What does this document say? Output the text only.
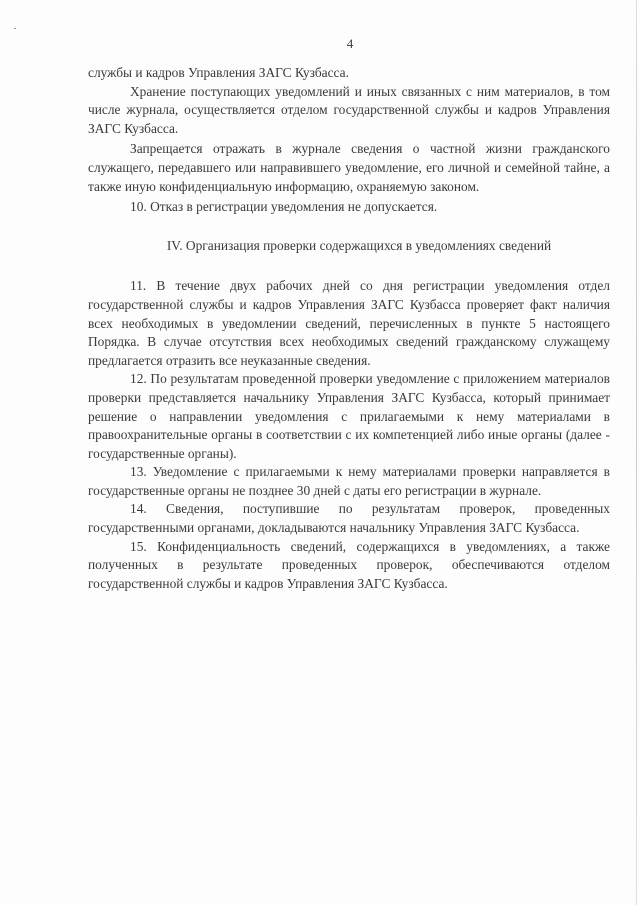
4

службы и кадров Управления ЗАГС Кузбасса.

Хранение поступающих уведомлений и иных связанных с ним материалов, в том числе журнала, осуществляется отделом государственной службы и кадров Управления ЗАГС Кузбасса.

Запрещается отражать в журнале сведения о частной жизни гражданского служащего, передавшего или направившего уведомление, его личной и семейной тайне, а также иную конфиденциальную информацию, охраняемую законом.

10. Отказ в регистрации уведомления не допускается.

IV. Организация проверки содержащихся в уведомлениях сведений

11. В течение двух рабочих дней со дня регистрации уведомления отдел государственной службы и кадров Управления ЗАГС Кузбасса проверяет факт наличия всех необходимых в уведомлении сведений, перечисленных в пункте 5 настоящего Порядка. В случае отсутствия всех необходимых сведений гражданскому служащему предлагается отразить все неуказанные сведения.

12. По результатам проведенной проверки уведомление с приложением материалов проверки представляется начальнику Управления ЗАГС Кузбасса, который принимает решение о направлении уведомления с прилагаемыми к нему материалами в правоохранительные органы в соответствии с их компетенцией либо иные органы (далее - государственные органы).

13. Уведомление с прилагаемыми к нему материалами проверки направляется в государственные органы не позднее 30 дней с даты его регистрации в журнале.

14. Сведения, поступившие по результатам проверок, проведенных государственными органами, докладываются начальнику Управления ЗАГС Кузбасса.

15. Конфиденциальность сведений, содержащихся в уведомлениях, а также полученных в результате проведенных проверок, обеспечиваются отделом государственной службы и кадров Управления ЗАГС Кузбасса.
